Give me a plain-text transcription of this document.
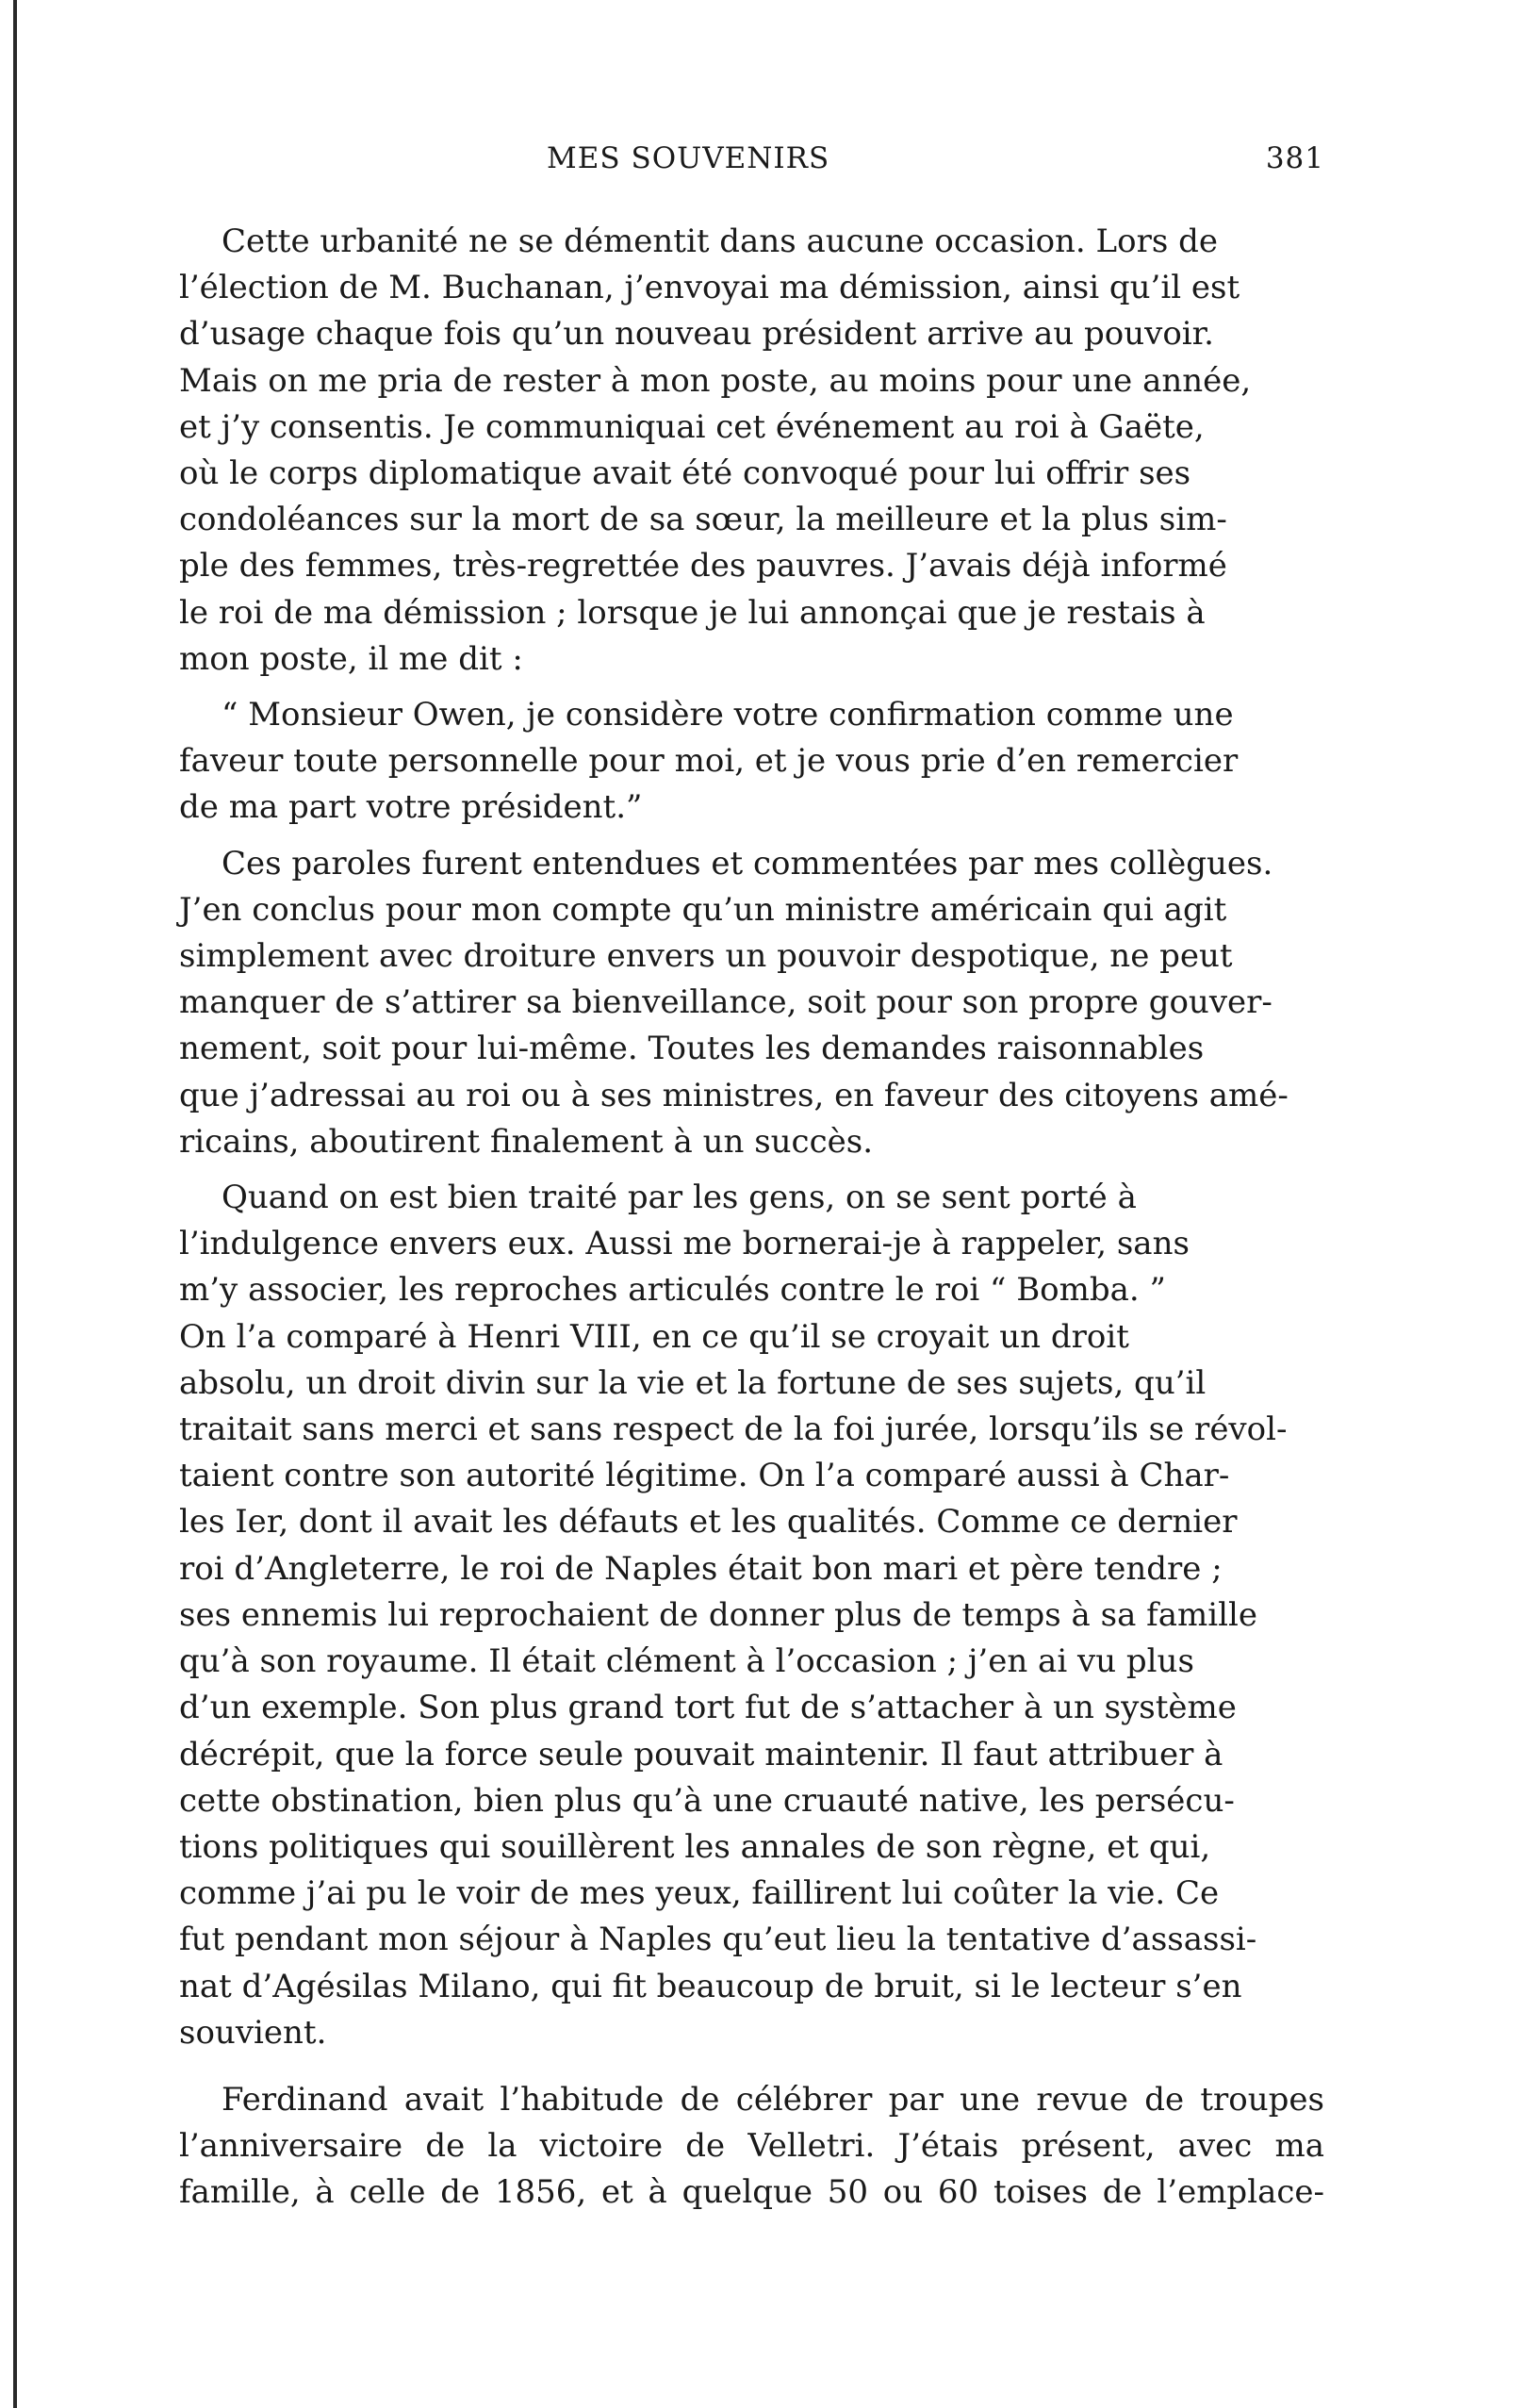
MES SOUVENIRS	381

Cette urbanité ne se démentit dans aucune occasion. Lors de
l’élection de M. Buchanan, j’envoyai ma démission, ainsi qu’il est
d’usage chaque fois qu’un nouveau président arrive au pouvoir.
Mais on me pria de rester à mon poste, au moins pour une année,
et j’y consentis. Je communiquai cet événement au roi à Gaëte,
où le corps diplomatique avait été convoqué pour lui offrir ses
condoléances sur la mort de sa sœur, la meilleure et la plus sim-
ple des femmes, très-regrettée des pauvres. J’avais déjà informé
le roi de ma démission ; lorsque je lui annonçai que je restais à
mon poste, il me dit :

“ Monsieur Owen, je considère votre confirmation comme une
faveur toute personnelle pour moi, et je vous prie d’en remercier
de ma part votre président.”

Ces paroles furent entendues et commentées par mes collègues.
J’en conclus pour mon compte qu’un ministre américain qui agit
simplement avec droiture envers un pouvoir despotique, ne peut
manquer de s’attirer sa bienveillance, soit pour son propre gouver-
nement, soit pour lui-même. Toutes les demandes raisonnables
que j’adressai au roi ou à ses ministres, en faveur des citoyens amé-
ricains, aboutirent finalement à un succès.

Quand on est bien traité par les gens, on se sent porté à
l’indulgence envers eux. Aussi me bornerai-je à rappeler, sans
m’y associer, les reproches articulés contre le roi “ Bomba. ”
On l’a comparé à Henri VIII, en ce qu’il se croyait un droit
absolu, un droit divin sur la vie et la fortune de ses sujets, qu’il
traitait sans merci et sans respect de la foi jurée, lorsqu’ils se révol-
taient contre son autorité légitime. On l’a comparé aussi à Char-
les Ier, dont il avait les défauts et les qualités. Comme ce dernier
roi d’Angleterre, le roi de Naples était bon mari et père tendre ;
ses ennemis lui reprochaient de donner plus de temps à sa famille
qu’à son royaume. Il était clément à l’occasion ; j’en ai vu plus
d’un exemple. Son plus grand tort fut de s’attacher à un système
décrépit, que la force seule pouvait maintenir. Il faut attribuer à
cette obstination, bien plus qu’à une cruauté native, les persécu-
tions politiques qui souillèrent les annales de son règne, et qui,
comme j’ai pu le voir de mes yeux, faillirent lui coûter la vie. Ce
fut pendant mon séjour à Naples qu’eut lieu la tentative d’assassi-
nat d’Agésilas Milano, qui fit beaucoup de bruit, si le lecteur s’en
souvient.

Ferdinand avait l’habitude de célébrer par une revue de troupes
l’anniversaire de la victoire de Velletri. J’étais présent, avec ma
famille, à celle de 1856, et à quelque 50 ou 60 toises de l’emplace-
